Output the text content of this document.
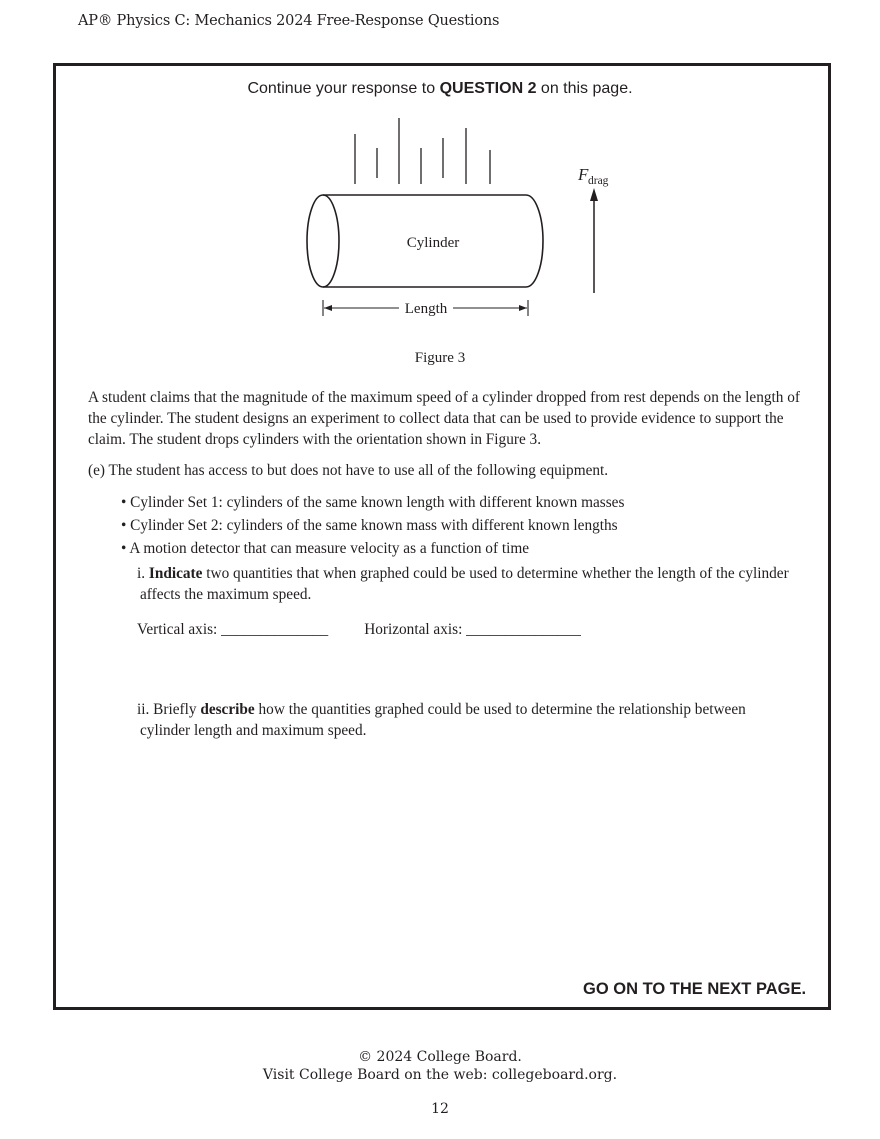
AP® Physics C: Mechanics 2024 Free-Response Questions
Continue your response to QUESTION 2 on this page.
Cylinder
Length
F drag
Figure 3
A student claims that the magnitude of the maximum speed of a cylinder dropped from rest depends on the length of the cylinder. The student designs an experiment to collect data that can be used to provide evidence to support the claim. The student drops cylinders with the orientation shown in Figure 3.
(e) The student has access to but does not have to use all of the following equipment.
• Cylinder Set 1: cylinders of the same known length with different known masses
• Cylinder Set 2: cylinders of the same known mass with different known lengths
• A motion detector that can measure velocity as a function of time
i. Indicate two quantities that when graphed could be used to determine whether the length of the cylinder
affects the maximum speed.
Vertical axis: ______________ Horizontal axis: _______________
ii. Briefly describe how the quantities graphed could be used to determine the relationship between
cylinder length and maximum speed.
GO ON TO THE NEXT PAGE.
© 2024 College Board.
Visit College Board on the web: collegeboard.org.
12
